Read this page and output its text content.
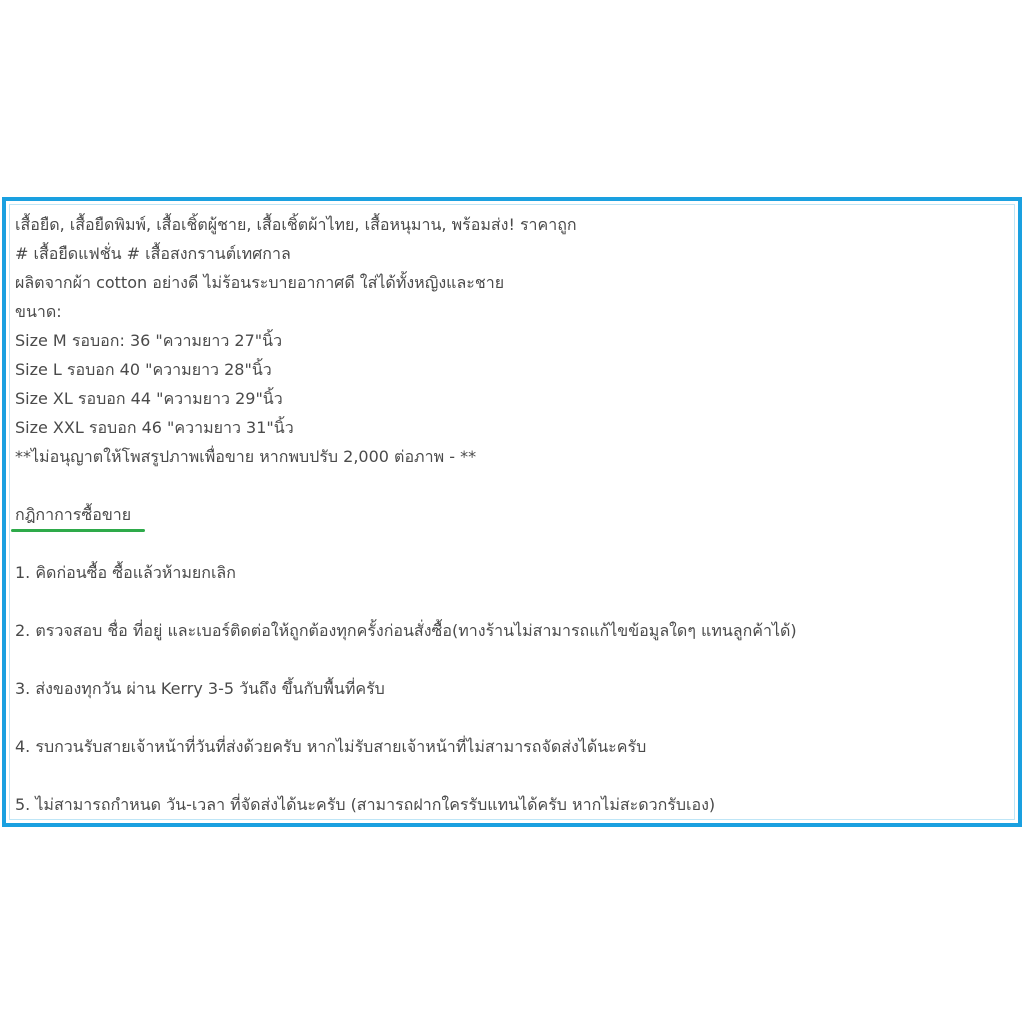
เสื้อยืด, เสื้อยืดพิมพ์, เสื้อเชิ้ตผู้ชาย, เสื้อเชิ้ตผ้าไทย, เสื้อหนุมาน, พร้อมส่ง! ราคาถูก
# เสื้อยืดแฟชั่น # เสื้อสงกรานต์เทศกาล
ผลิตจากผ้า cotton อย่างดี ไม่ร้อนระบายอากาศดี ใส่ได้ทั้งหญิงและชาย
ขนาด:
Size M รอบอก: 36 "ความยาว 27"นิ้ว
Size L รอบอก 40 "ความยาว 28"นิ้ว
Size XL รอบอก 44 "ความยาว 29"นิ้ว
Size XXL รอบอก 46 "ความยาว 31"นิ้ว
**ไม่อนุญาตให้โพสรูปภาพเพื่อขาย หากพบปรับ 2,000 ต่อภาพ - **
กฎิกาการซื้อขาย
1. คิดก่อนซื้อ ซื้อแล้วห้ามยกเลิก
2. ตรวจสอบ ชื่อ ที่อยู่ และเบอร์ติดต่อให้ถูกต้องทุกครั้งก่อนสั่งซื้อ(ทางร้านไม่สามารถแก้ไขข้อมูลใดๆ แทนลูกค้าได้)
3. ส่งของทุกวัน ผ่าน Kerry 3-5 วันถึง ขึ้นกับพื้นที่ครับ
4. รบกวนรับสายเจ้าหน้าที่วันที่ส่งด้วยครับ หากไม่รับสายเจ้าหน้าที่ไม่สามารถจัดส่งได้นะครับ
5. ไม่สามารถกำหนด วัน-เวลา ที่จัดส่งได้นะครับ (สามารถฝากใครรับแทนได้ครับ หากไม่สะดวกรับเอง)
